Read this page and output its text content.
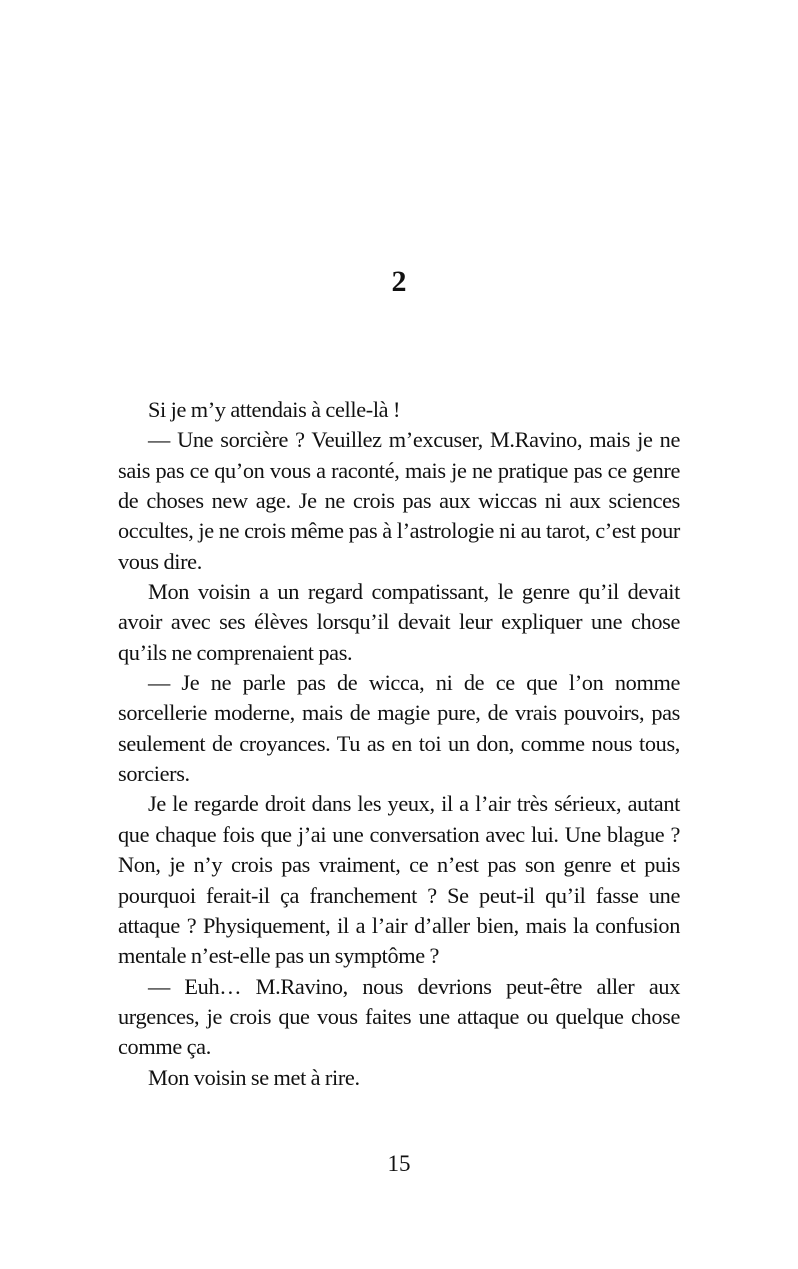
2

Si je m’y attendais à celle-là !

— Une sorcière ? Veuillez m’excuser, M.Ravino, mais je ne sais pas ce qu’on vous a raconté, mais je ne pratique pas ce genre de choses new age. Je ne crois pas aux wiccas ni aux sciences occultes, je ne crois même pas à l’astrologie ni au tarot, c’est pour vous dire.

Mon voisin a un regard compatissant, le genre qu’il devait avoir avec ses élèves lorsqu’il devait leur expliquer une chose qu’ils ne comprenaient pas.

— Je ne parle pas de wicca, ni de ce que l’on nomme sorcellerie moderne, mais de magie pure, de vrais pouvoirs, pas seulement de croyances. Tu as en toi un don, comme nous tous, sorciers.

Je le regarde droit dans les yeux, il a l’air très sérieux, autant que chaque fois que j’ai une conversation avec lui. Une blague ? Non, je n’y crois pas vraiment, ce n’est pas son genre et puis pourquoi ferait-il ça franchement ? Se peut-il qu’il fasse une attaque ? Physiquement, il a l’air d’aller bien, mais la confusion mentale n’est-elle pas un symptôme ?

— Euh… M.Ravino, nous devrions peut-être aller aux urgences, je crois que vous faites une attaque ou quelque chose comme ça.

Mon voisin se met à rire.

15
